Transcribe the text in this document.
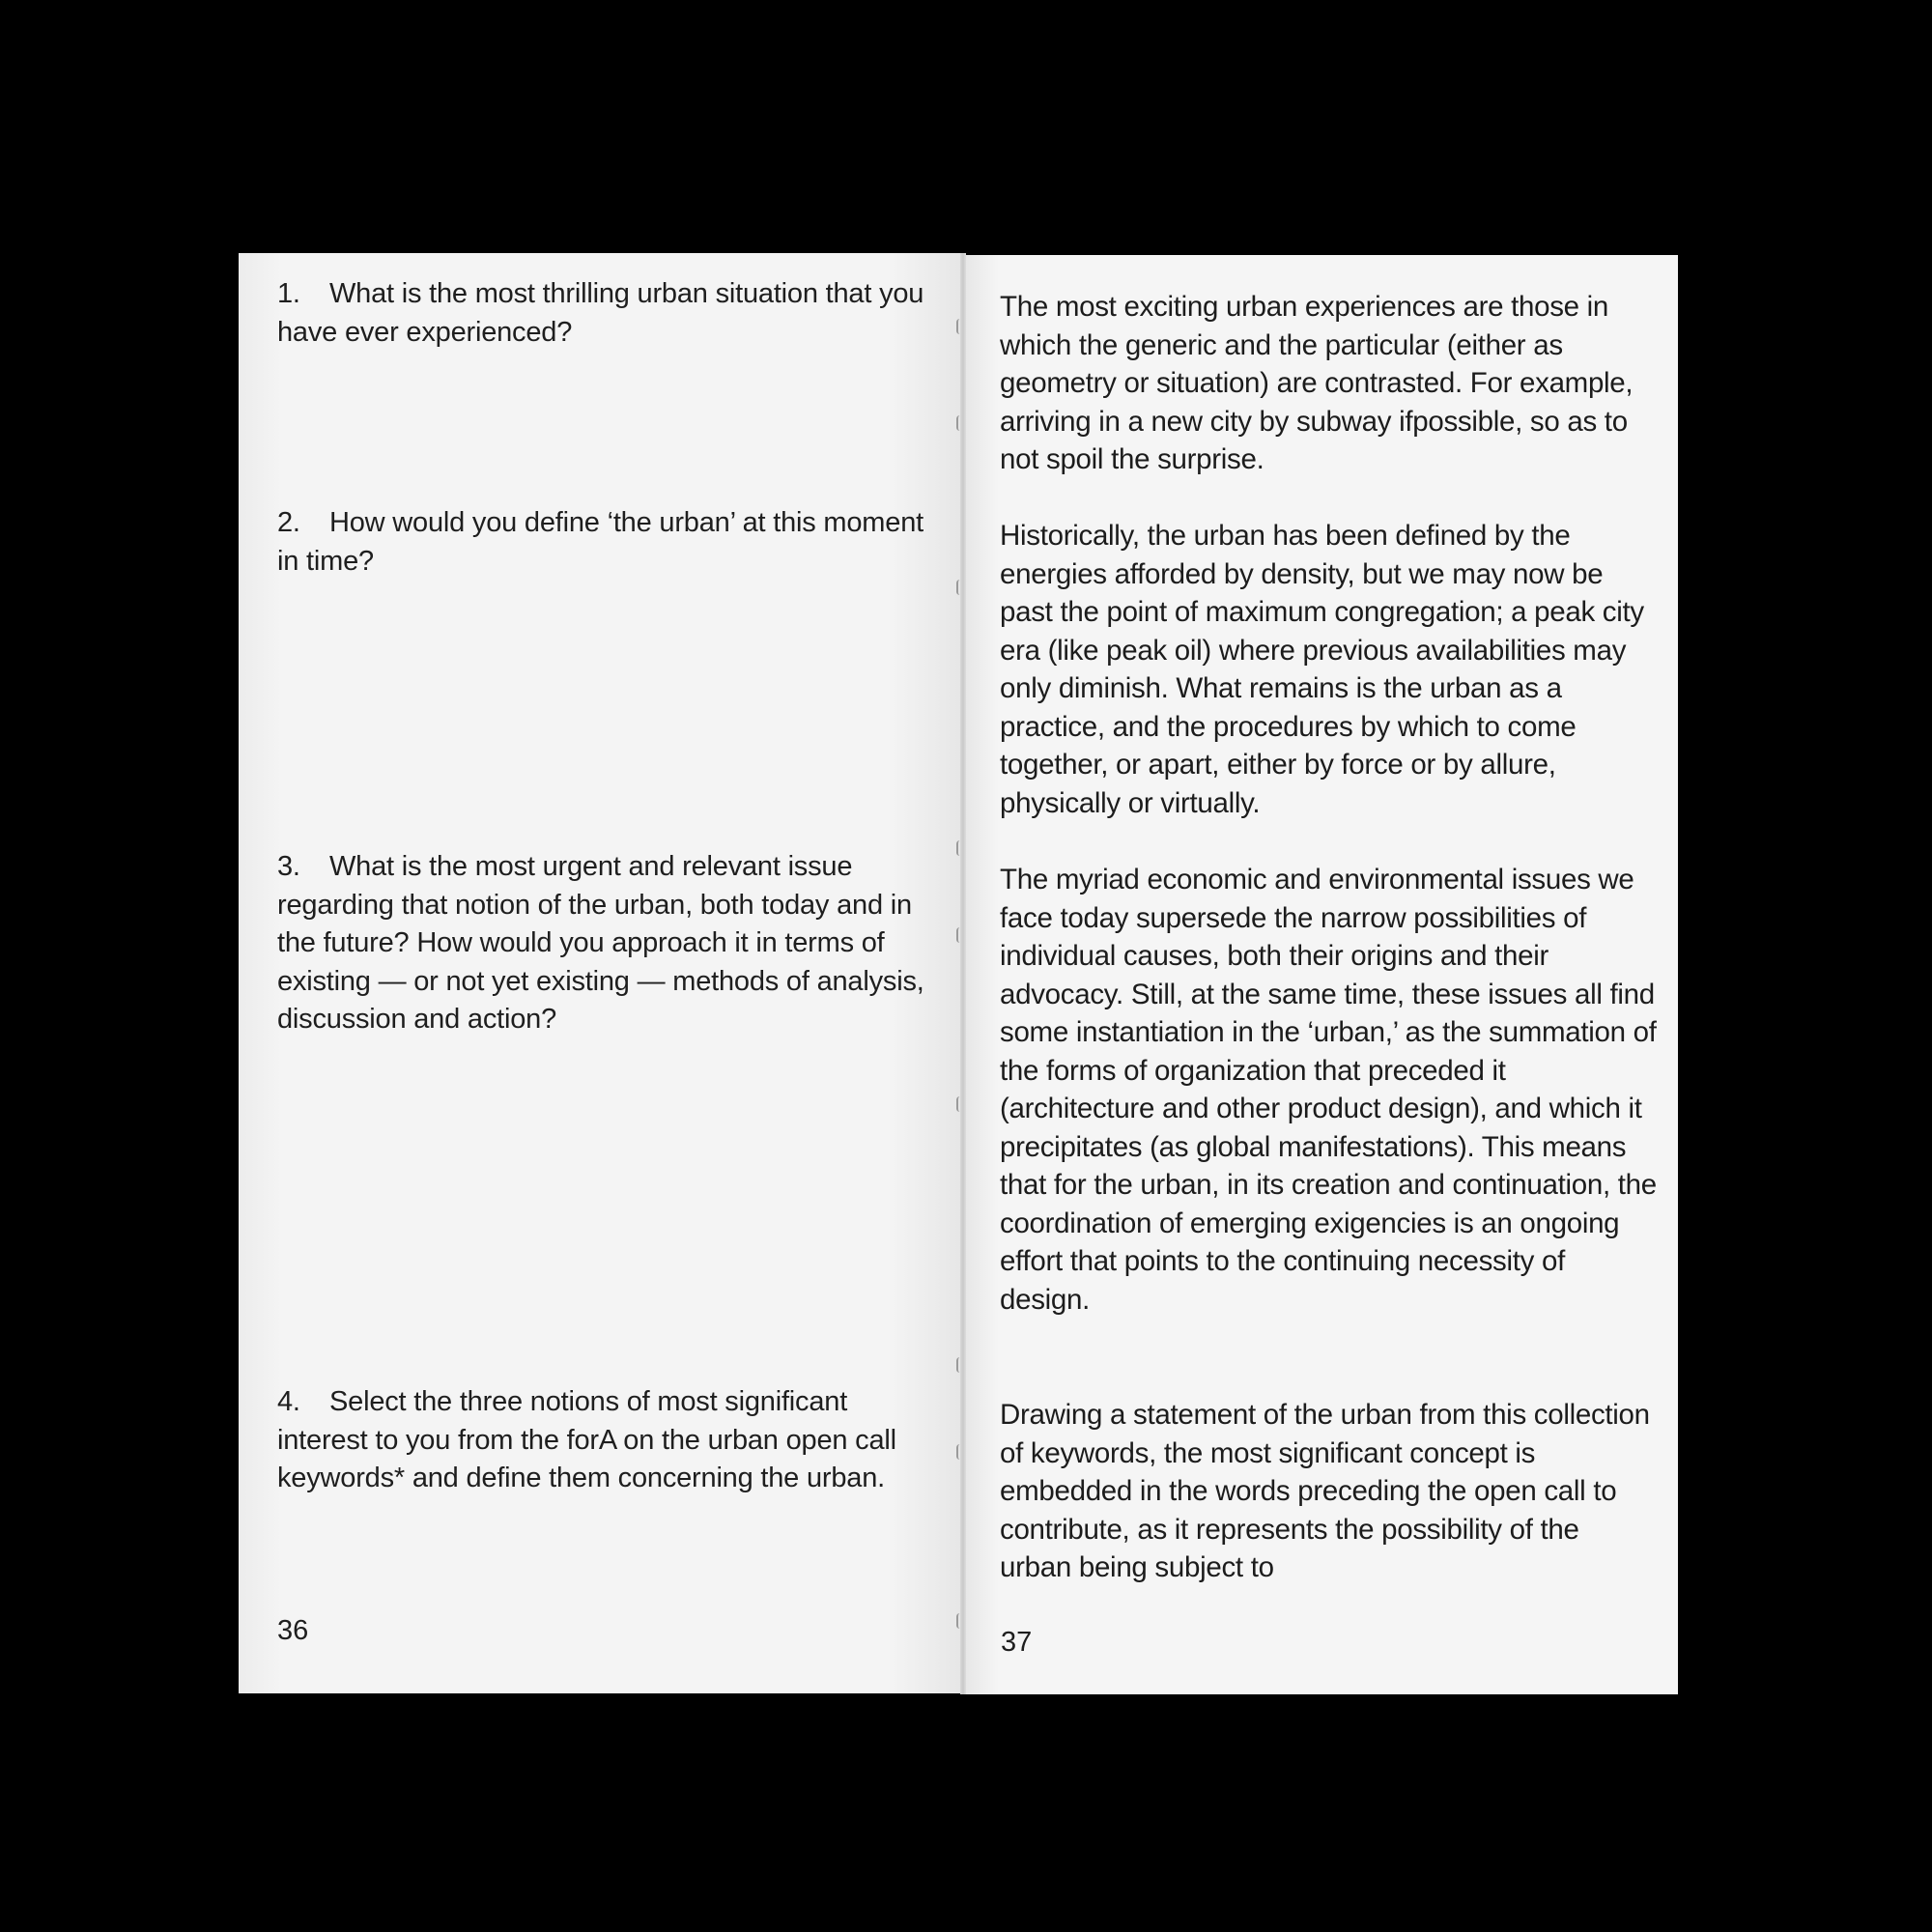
1. What is the most thrilling urban situation that you have ever experienced?
2. How would you define ‘the urban’ at this moment in time?
3. What is the most urgent and relevant issue regarding that notion of the urban, both today and in the future? How would you approach it in terms of existing — or not yet existing — methods of analysis, discussion and action?
4. Select the three notions of most significant interest to you from the forA on the urban open call keywords* and define them concerning the urban.
36

The most exciting urban experiences are those in which the generic and the particular (either as geometry or situation) are contrasted. For example, arriving in a new city by subway ifpossible, so as to not spoil the surprise.

Historically, the urban has been defined by the energies afforded by density, but we may now be past the point of maximum congregation; a peak city era (like peak oil) where previous availabilities may only diminish. What remains is the urban as a practice, and the procedures by which to come together, or apart, either by force or by allure, physically or virtually.

The myriad economic and environmental issues we face today supersede the narrow possibilities of individual causes, both their origins and their advocacy. Still, at the same time, these issues all find some instantiation in the ‘urban,’ as the summation of the forms of organization that preceded it (architecture and other product design), and which it precipitates (as global manifestations). This means that for the urban, in its creation and continuation, the coordination of emerging exigencies is an ongoing effort that points to the continuing necessity of design.

Drawing a statement of the urban from this collection of keywords, the most significant concept is embedded in the words preceding the open call to contribute, as it represents the possibility of the urban being subject to

37
